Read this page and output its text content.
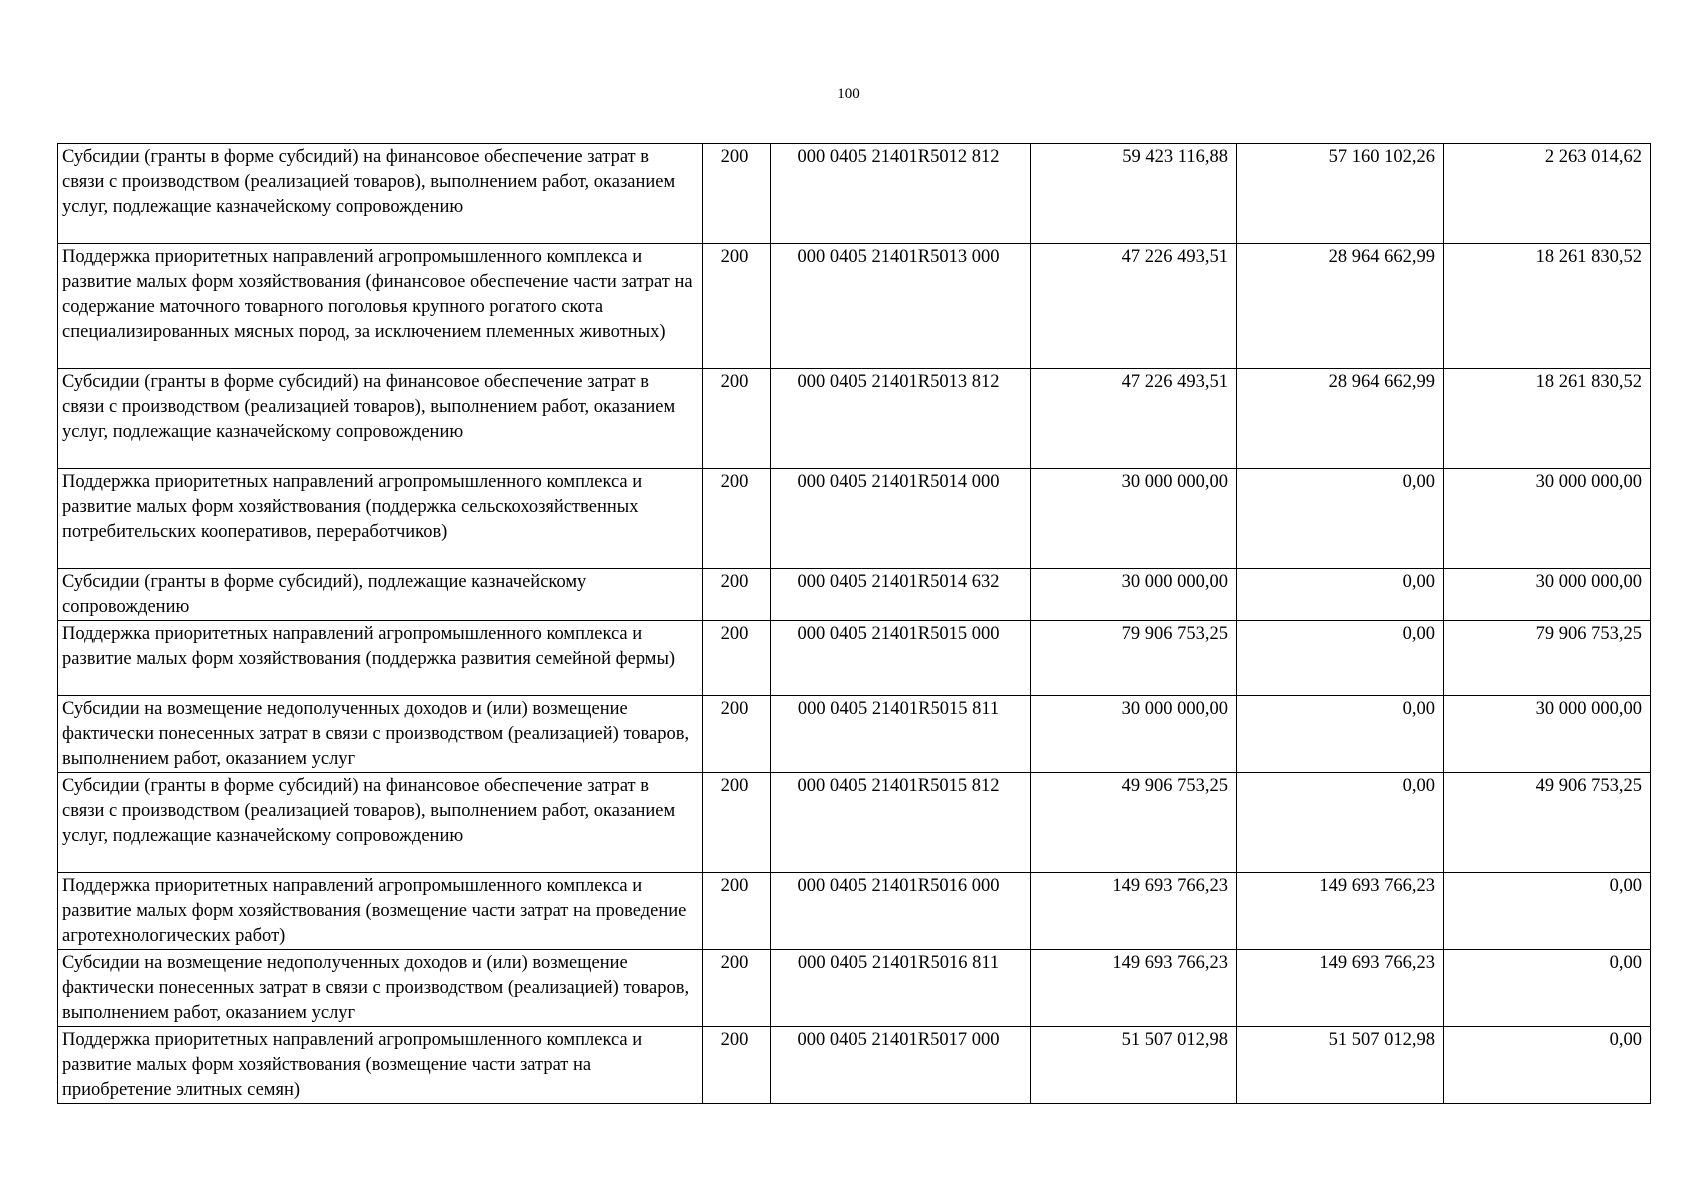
100
Субсидии (гранты в форме субсидий) на финансовое обеспечение затрат в связи с производством (реализацией товаров), выполнением работ, оказанием услуг, подлежащие казначейскому сопровождению	200	000 0405 21401R5012 812	59 423 116,88	57 160 102,26	2 263 014,62
Поддержка приоритетных направлений агропромышленного комплекса и развитие малых форм хозяйствования (финансовое обеспечение части затрат на содержание маточного товарного поголовья крупного рогатого скота специализированных мясных пород, за исключением племенных животных)	200	000 0405 21401R5013 000	47 226 493,51	28 964 662,99	18 261 830,52
Субсидии (гранты в форме субсидий) на финансовое обеспечение затрат в связи с производством (реализацией товаров), выполнением работ, оказанием услуг, подлежащие казначейскому сопровождению	200	000 0405 21401R5013 812	47 226 493,51	28 964 662,99	18 261 830,52
Поддержка приоритетных направлений агропромышленного комплекса и развитие малых форм хозяйствования (поддержка сельскохозяйственных потребительских кооперативов, переработчиков)	200	000 0405 21401R5014 000	30 000 000,00	0,00	30 000 000,00
Субсидии (гранты в форме субсидий), подлежащие казначейскому сопровождению	200	000 0405 21401R5014 632	30 000 000,00	0,00	30 000 000,00
Поддержка приоритетных направлений агропромышленного комплекса и развитие малых форм хозяйствования (поддержка развития семейной фермы)	200	000 0405 21401R5015 000	79 906 753,25	0,00	79 906 753,25
Субсидии на возмещение недополученных доходов и (или) возмещение фактически понесенных затрат в связи с производством (реализацией) товаров, выполнением работ, оказанием услуг	200	000 0405 21401R5015 811	30 000 000,00	0,00	30 000 000,00
Субсидии (гранты в форме субсидий) на финансовое обеспечение затрат в связи с производством (реализацией товаров), выполнением работ, оказанием услуг, подлежащие казначейскому сопровождению	200	000 0405 21401R5015 812	49 906 753,25	0,00	49 906 753,25
Поддержка приоритетных направлений агропромышленного комплекса и развитие малых форм хозяйствования (возмещение части затрат на проведение агротехнологических работ)	200	000 0405 21401R5016 000	149 693 766,23	149 693 766,23	0,00
Субсидии на возмещение недополученных доходов и (или) возмещение фактически понесенных затрат в связи с производством (реализацией) товаров, выполнением работ, оказанием услуг	200	000 0405 21401R5016 811	149 693 766,23	149 693 766,23	0,00
Поддержка приоритетных направлений агропромышленного комплекса и развитие малых форм хозяйствования (возмещение части затрат на приобретение элитных семян)	200	000 0405 21401R5017 000	51 507 012,98	51 507 012,98	0,00
